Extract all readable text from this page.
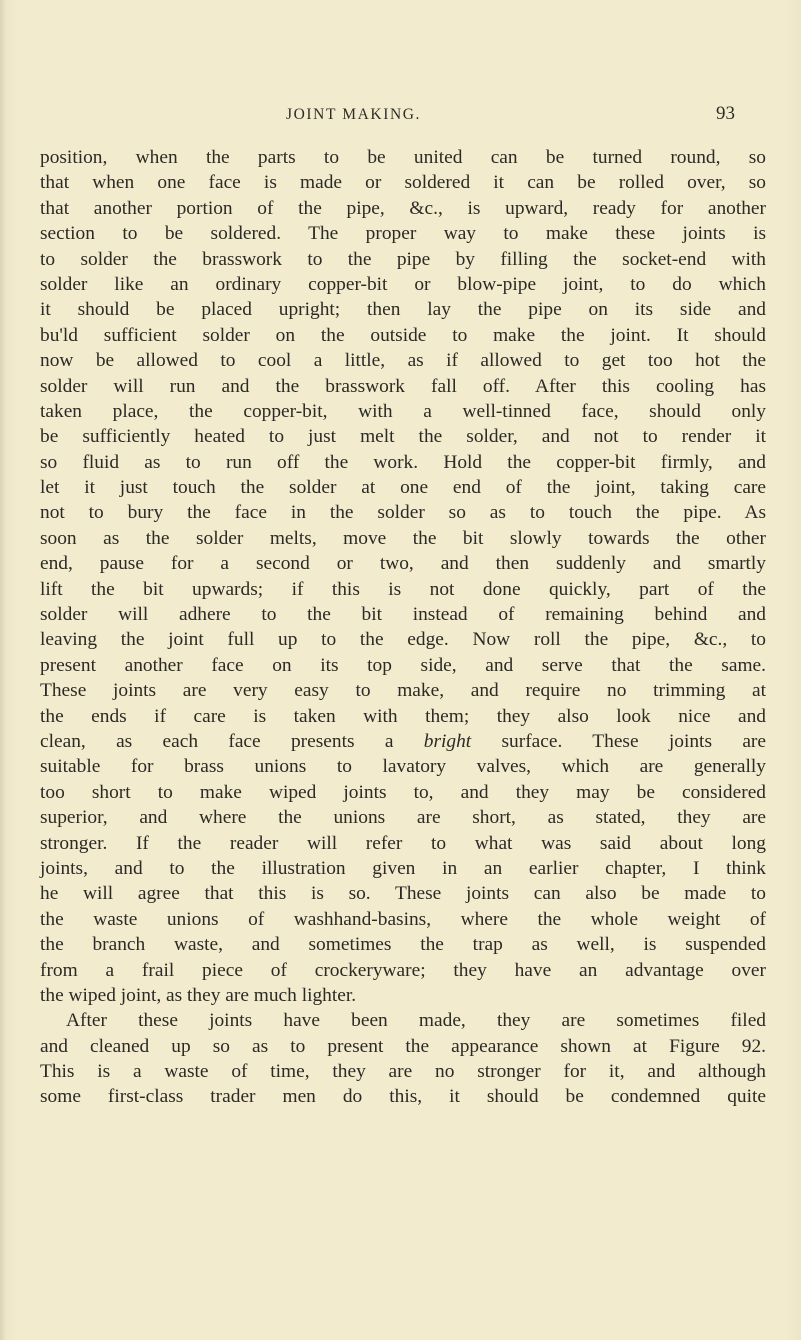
JOINT MAKING.	93
position, when the parts to be united can be turned round, so
that when one face is made or soldered it can be rolled over, so
that another portion of the pipe, &c., is upward, ready for another
section to be soldered. The proper way to make these joints is
to solder the brasswork to the pipe by filling the socket-end with
solder like an ordinary copper-bit or blow-pipe joint, to do which
it should be placed upright; then lay the pipe on its side and
bu'ld sufficient solder on the outside to make the joint. It should
now be allowed to cool a little, as if allowed to get too hot the
solder will run and the brasswork fall off. After this cooling has
taken place, the copper-bit, with a well-tinned face, should only
be sufficiently heated to just melt the solder, and not to render it
so fluid as to run off the work. Hold the copper-bit firmly, and
let it just touch the solder at one end of the joint, taking care
not to bury the face in the solder so as to touch the pipe. As
soon as the solder melts, move the bit slowly towards the other
end, pause for a second or two, and then suddenly and smartly
lift the bit upwards; if this is not done quickly, part of the
solder will adhere to the bit instead of remaining behind and
leaving the joint full up to the edge. Now roll the pipe, &c., to
present another face on its top side, and serve that the same.
These joints are very easy to make, and require no trimming at
the ends if care is taken with them; they also look nice and
clean, as each face presents a bright surface. These joints are
suitable for brass unions to lavatory valves, which are generally
too short to make wiped joints to, and they may be considered
superior, and where the unions are short, as stated, they are
stronger. If the reader will refer to what was said about long
joints, and to the illustration given in an earlier chapter, I think
he will agree that this is so. These joints can also be made to
the waste unions of washhand-basins, where the whole weight of
the branch waste, and sometimes the trap as well, is suspended
from a frail piece of crockeryware; they have an advantage over
the wiped joint, as they are much lighter.
After these joints have been made, they are sometimes filed
and cleaned up so as to present the appearance shown at Figure 92.
This is a waste of time, they are no stronger for it, and although
some first-class trader men do this, it should be condemned quite
